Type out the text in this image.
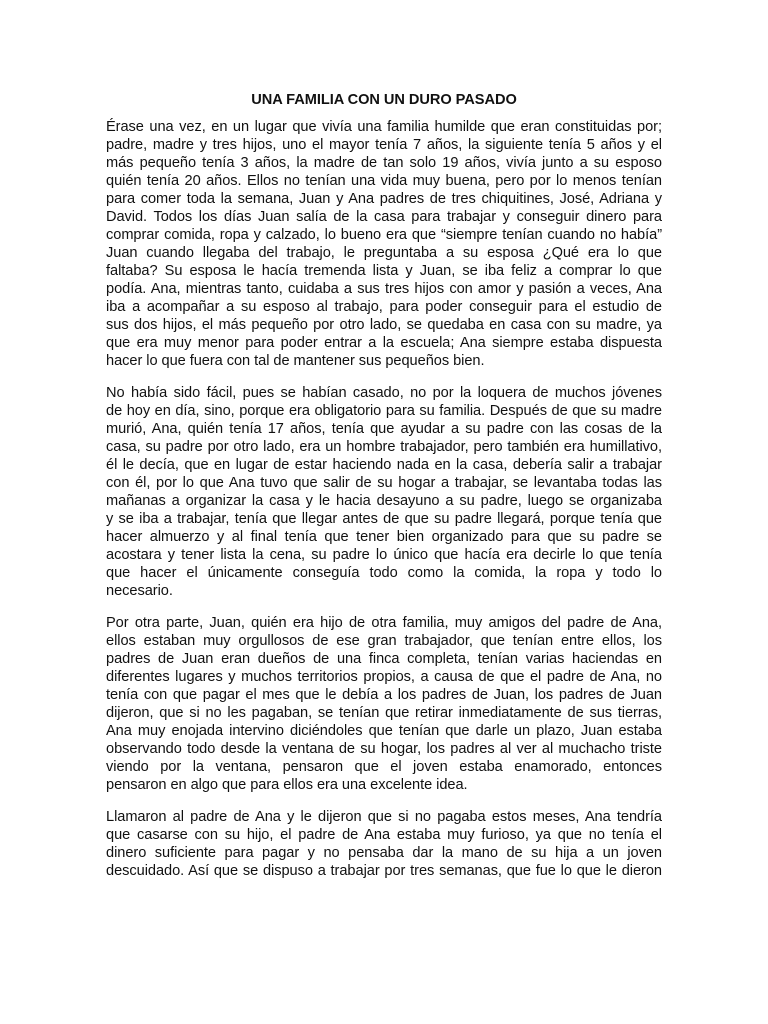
UNA FAMILIA CON UN DURO PASADO
Érase una vez, en un lugar que vivía una familia humilde que eran constituidas por;
padre, madre y tres hijos, uno el mayor tenía 7 años, la siguiente tenía 5 años y el
más pequeño tenía 3 años, la madre de tan solo 19 años, vivía junto a su esposo
quién tenía 20 años. Ellos no tenían una vida muy buena, pero por lo menos tenían
para comer toda la semana, Juan y Ana padres de tres chiquitines, José, Adriana y
David. Todos los días Juan salía de la casa para trabajar y conseguir dinero para
comprar comida, ropa y calzado, lo bueno era que “siempre tenían cuando no había”
Juan cuando llegaba del trabajo, le preguntaba a su esposa ¿Qué era lo que
faltaba? Su esposa le hacía tremenda lista y Juan, se iba feliz a comprar lo que
podía. Ana, mientras tanto, cuidaba a sus tres hijos con amor y pasión a veces, Ana
iba a acompañar a su esposo al trabajo, para poder conseguir para el estudio de
sus dos hijos, el más pequeño por otro lado, se quedaba en casa con su madre, ya
que era muy menor para poder entrar a la escuela; Ana siempre estaba dispuesta
hacer lo que fuera con tal de mantener sus pequeños bien.
No había sido fácil, pues se habían casado, no por la loquera de muchos jóvenes
de hoy en día, sino, porque era obligatorio para su familia. Después de que su madre
murió, Ana, quién tenía 17 años, tenía que ayudar a su padre con las cosas de la
casa, su padre por otro lado, era un hombre trabajador, pero también era humillativo,
él le decía, que en lugar de estar haciendo nada en la casa, debería salir a trabajar
con él, por lo que Ana tuvo que salir de su hogar a trabajar, se levantaba todas las
mañanas a organizar la casa y le hacia desayuno a su padre, luego se organizaba
y se iba a trabajar, tenía que llegar antes de que su padre llegará, porque tenía que
hacer almuerzo y al final tenía que tener bien organizado para que su padre se
acostara y tener lista la cena, su padre lo único que hacía era decirle lo que tenía
que hacer el únicamente conseguía todo como la comida, la ropa y todo lo
necesario.
Por otra parte, Juan, quién era hijo de otra familia, muy amigos del padre de Ana,
ellos estaban muy orgullosos de ese gran trabajador, que tenían entre ellos, los
padres de Juan eran dueños de una finca completa, tenían varias haciendas en
diferentes lugares y muchos territorios propios, a causa de que el padre de Ana, no
tenía con que pagar el mes que le debía a los padres de Juan, los padres de Juan
dijeron, que si no les pagaban, se tenían que retirar inmediatamente de sus tierras,
Ana muy enojada intervino diciéndoles que tenían que darle un plazo, Juan estaba
observando todo desde la ventana de su hogar, los padres al ver al muchacho triste
viendo por la ventana, pensaron que el joven estaba enamorado, entonces
pensaron en algo que para ellos era una excelente idea.
Llamaron al padre de Ana y le dijeron que si no pagaba estos meses, Ana tendría
que casarse con su hijo, el padre de Ana estaba muy furioso, ya que no tenía el
dinero suficiente para pagar y no pensaba dar la mano de su hija a un joven
descuidado. Así que se dispuso a trabajar por tres semanas, que fue lo que le dieron
